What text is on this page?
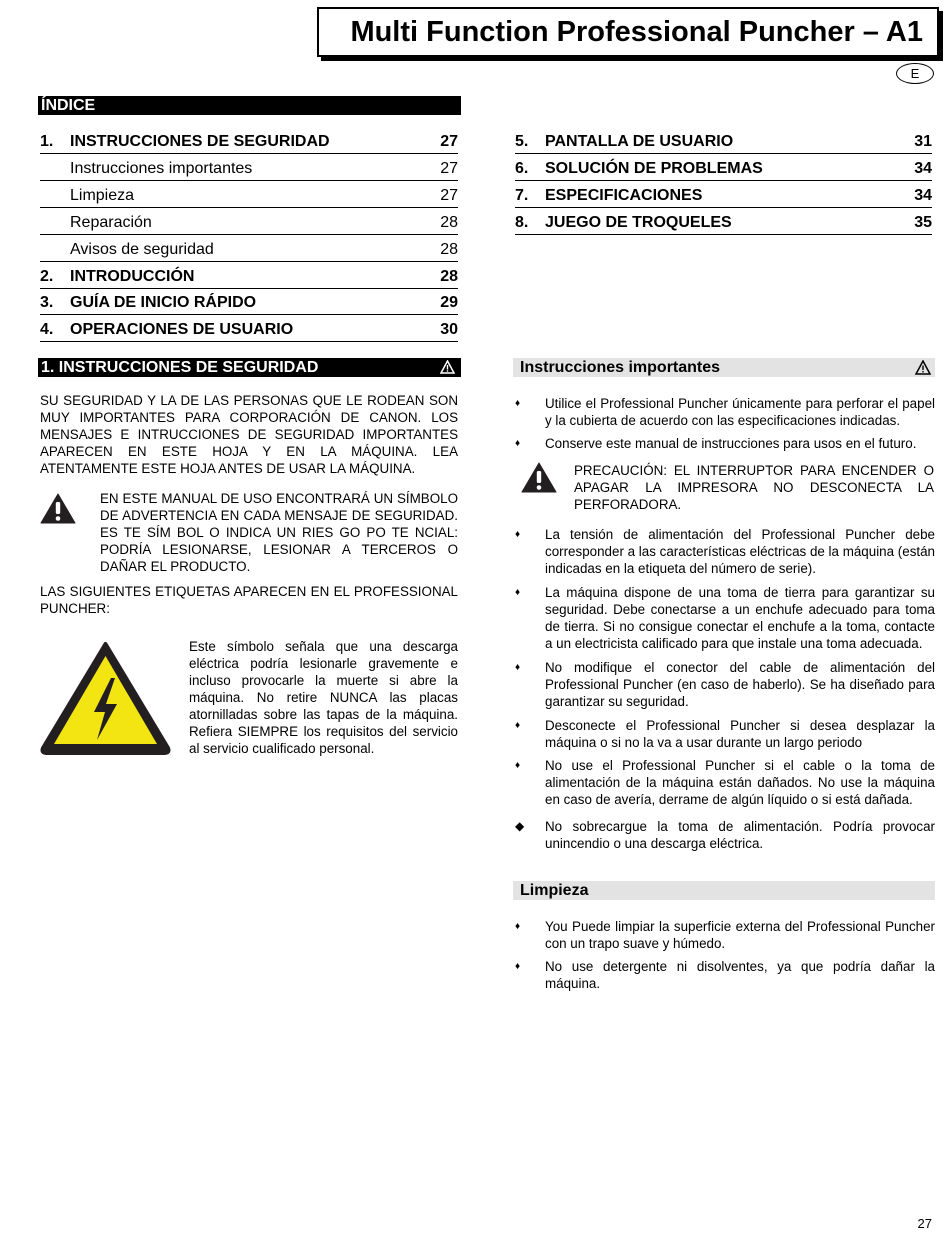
Multi Function Professional Puncher – A1
E
ÍNDICE
1. INSTRUCCIONES DE SEGURIDAD	27
Instrucciones importantes	27
Limpieza	27
Reparación	28
Avisos de seguridad	28
2. INTRODUCCIÓN	28
3. GUÍA DE INICIO RÁPIDO	29
4. OPERACIONES DE USUARIO	30
5. PANTALLA DE USUARIO	31
6. SOLUCIÓN DE PROBLEMAS	34
7. ESPECIFICACIONES	34
8. JUEGO DE TROQUELES	35
1. INSTRUCCIONES DE SEGURIDAD
SU SEGURIDAD Y LA DE LAS PERSONAS QUE LE RODEAN SON MUY IMPORTANTES PARA CORPORACIÓN DE CANON. LOS MENSAJES E INTRUCCIONES DE SEGURIDAD IMPORTANTES APARECEN EN ESTE HOJA Y EN LA MÁQUINA. LEA ATENTAMENTE ESTE HOJA ANTES DE USAR LA MÁQUINA.
EN ESTE MANUAL DE USO ENCONTRARÁ UN SÍMBOLO DE ADVERTENCIA EN CADA MENSAJE DE SEGURIDAD. ES TE SÍM BOL O INDICA UN RIES GO PO TE NCIAL: PODRÍA LESIONARSE, LESIONAR A TERCEROS O DAÑAR EL PRODUCTO.
LAS SIGUIENTES ETIQUETAS APARECEN EN EL PROFESSIONAL PUNCHER:
Este símbolo señala que una descarga eléctrica podría lesionarle gravemente e incluso provocarle la muerte si abre la máquina. No retire NUNCA las placas atornilladas sobre las tapas de la máquina. Refiera SIEMPRE los requisitos del servicio al servicio cualificado personal.
Instrucciones importantes
♦ Utilice el Professional Puncher únicamente para perforar el papel y la cubierta de acuerdo con las especificaciones indicadas.
♦ Conserve este manual de instrucciones para usos en el futuro.
PRECAUCIÓN: EL INTERRUPTOR PARA ENCENDER O APAGAR LA IMPRESORA NO DESCONECTA LA PERFORADORA.
♦ La tensión de alimentación del Professional Puncher debe corresponder a las características eléctricas de la máquina (están indicadas en la etiqueta del número de serie).
♦ La máquina dispone de una toma de tierra para garantizar su seguridad. Debe conectarse a un enchufe adecuado para toma de tierra. Si no consigue conectar el enchufe a la toma, contacte a un electricista calificado para que instale una toma adecuada.
♦ No modifique el conector del cable de alimentación del Professional Puncher (en caso de haberlo). Se ha diseñado para garantizar su seguridad.
♦ Desconecte el Professional Puncher si desea desplazar la máquina o si no la va a usar durante un largo periodo
♦ No use el Professional Puncher si el cable o la toma de alimentación de la máquina están dañados. No use la máquina en caso de avería, derrame de algún líquido o si está dañada.
◆ No sobrecargue la toma de alimentación. Podría provocar unincendio o una descarga eléctrica.
Limpieza
♦ You Puede limpiar la superficie externa del Professional Puncher con un trapo suave y húmedo.
♦ No use detergente ni disolventes, ya que podría dañar la máquina.
27
